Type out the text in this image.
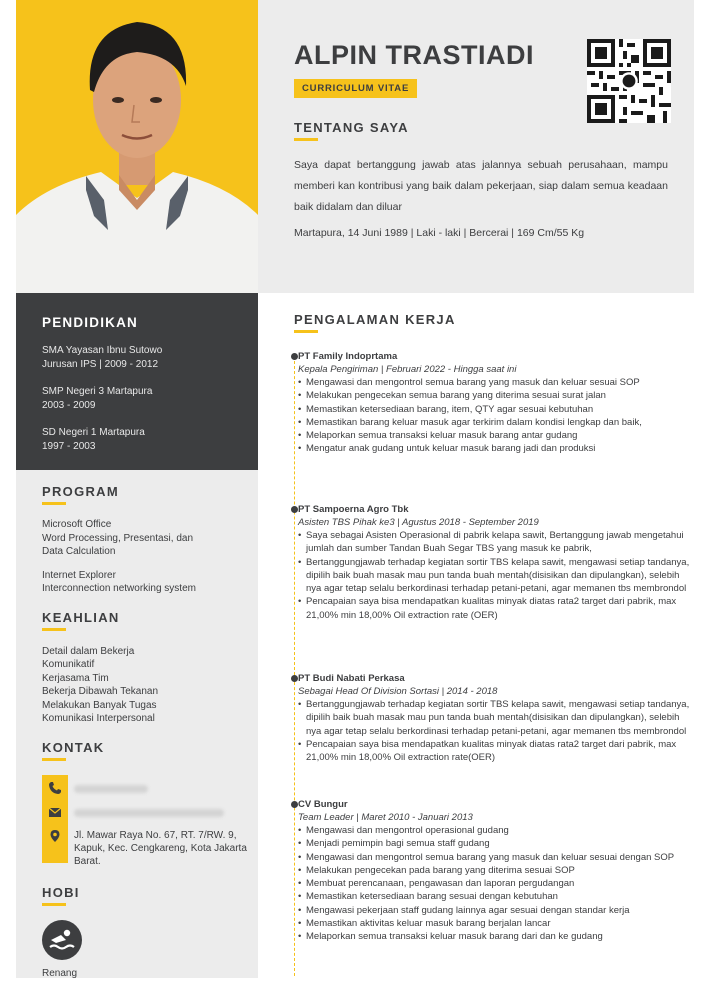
PENDIDIKAN
SMA Yayasan Ibnu Sutowo
Jurusan IPS | 2009 - 2012
SMP Negeri 3 Martapura
2003 - 2009
SD Negeri 1 Martapura
1997 - 2003
PROGRAM
Microsoft Office
Word Processing, Presentasi, dan
Data Calculation
Internet Explorer
Interconnection networking system
KEAHLIAN
Detail dalam Bekerja
Komunikatif
Kerjasama Tim
Bekerja Dibawah Tekanan
Melakukan Banyak Tugas
Komunikasi Interpersonal
KONTAK
Jl. Mawar Raya No. 67, RT. 7/RW. 9, Kapuk, Kec. Cengkareng, Kota Jakarta Barat.
HOBI
Renang
ALPIN TRASTIADI
CURRICULUM VITAE
TENTANG SAYA
Saya dapat bertanggung jawab atas jalannya sebuah perusahaan, mampu memberi kan kontribusi yang baik dalam pekerjaan, siap dalam semua keadaan baik didalam dan diluar
Martapura, 14 Juni 1989 | Laki - laki | Bercerai | 169 Cm/55 Kg
PENGALAMAN KERJA
PT Family Indoprtama
Kepala Pengiriman | Februari 2022 - Hingga saat ini
• Mengawasi dan mengontrol semua barang yang masuk dan keluar sesuai SOP
• Melakukan pengecekan semua barang yang diterima sesuai surat jalan
• Memastikan ketersediaan barang, item, QTY agar sesuai kebutuhan
• Memastikan barang keluar masuk agar terkirim dalam kondisi lengkap dan baik,
• Melaporkan semua transaksi keluar masuk barang antar gudang
• Mengatur anak gudang untuk keluar masuk barang jadi dan produksi
PT Sampoerna Agro Tbk
Asisten TBS Pihak ke3 | Agustus 2018 - September 2019
• Saya sebagai Asisten Operasional di pabrik kelapa sawit, Bertanggung jawab mengetahui jumlah dan sumber Tandan Buah Segar TBS yang masuk ke pabrik,
• Bertanggungjawab terhadap kegiatan sortir TBS kelapa sawit, mengawasi setiap tandanya, dipilih baik buah masak mau pun tanda buah mentah(disisikan dan dipulangkan), selebih nya agar tetap selalu berkordinasi terhadap petani-petani, agar memanen tbs membrondol
• Pencapaian saya bisa mendapatkan kualitas minyak diatas rata2 target dari pabrik, max 21,00% min 18,00% Oil extraction rate (OER)
PT Budi Nabati Perkasa
Sebagai Head Of Division Sortasi | 2014 - 2018
• Bertanggungjawab terhadap kegiatan sortir TBS kelapa sawit, mengawasi setiap tandanya, dipilih baik buah masak mau pun tanda buah mentah(disisikan dan dipulangkan), selebih nya agar tetap selalu berkordinasi terhadap petani-petani, agar memanen tbs membrondol
• Pencapaian saya bisa mendapatkan kualitas minyak diatas rata2 target dari pabrik, max 21,00% min 18,00% Oil extraction rate(OER)
CV Bungur
Team Leader | Maret 2010 - Januari 2013
• Mengawasi dan mengontrol operasional gudang
• Menjadi pemimpin bagi semua staff gudang
• Mengawasi dan mengontrol semua barang yang masuk dan keluar sesuai dengan SOP
• Melakukan pengecekan pada barang yang diterima sesuai SOP
• Membuat perencanaan, pengawasan dan laporan pergudangan
• Memastikan ketersediaan barang sesuai dengan kebutuhan
• Mengawasi pekerjaan staff gudang lainnya agar sesuai dengan standar kerja
• Memastikan aktivitas keluar masuk barang berjalan lancar
• Melaporkan semua transaksi keluar masuk barang dari dan ke gudang
